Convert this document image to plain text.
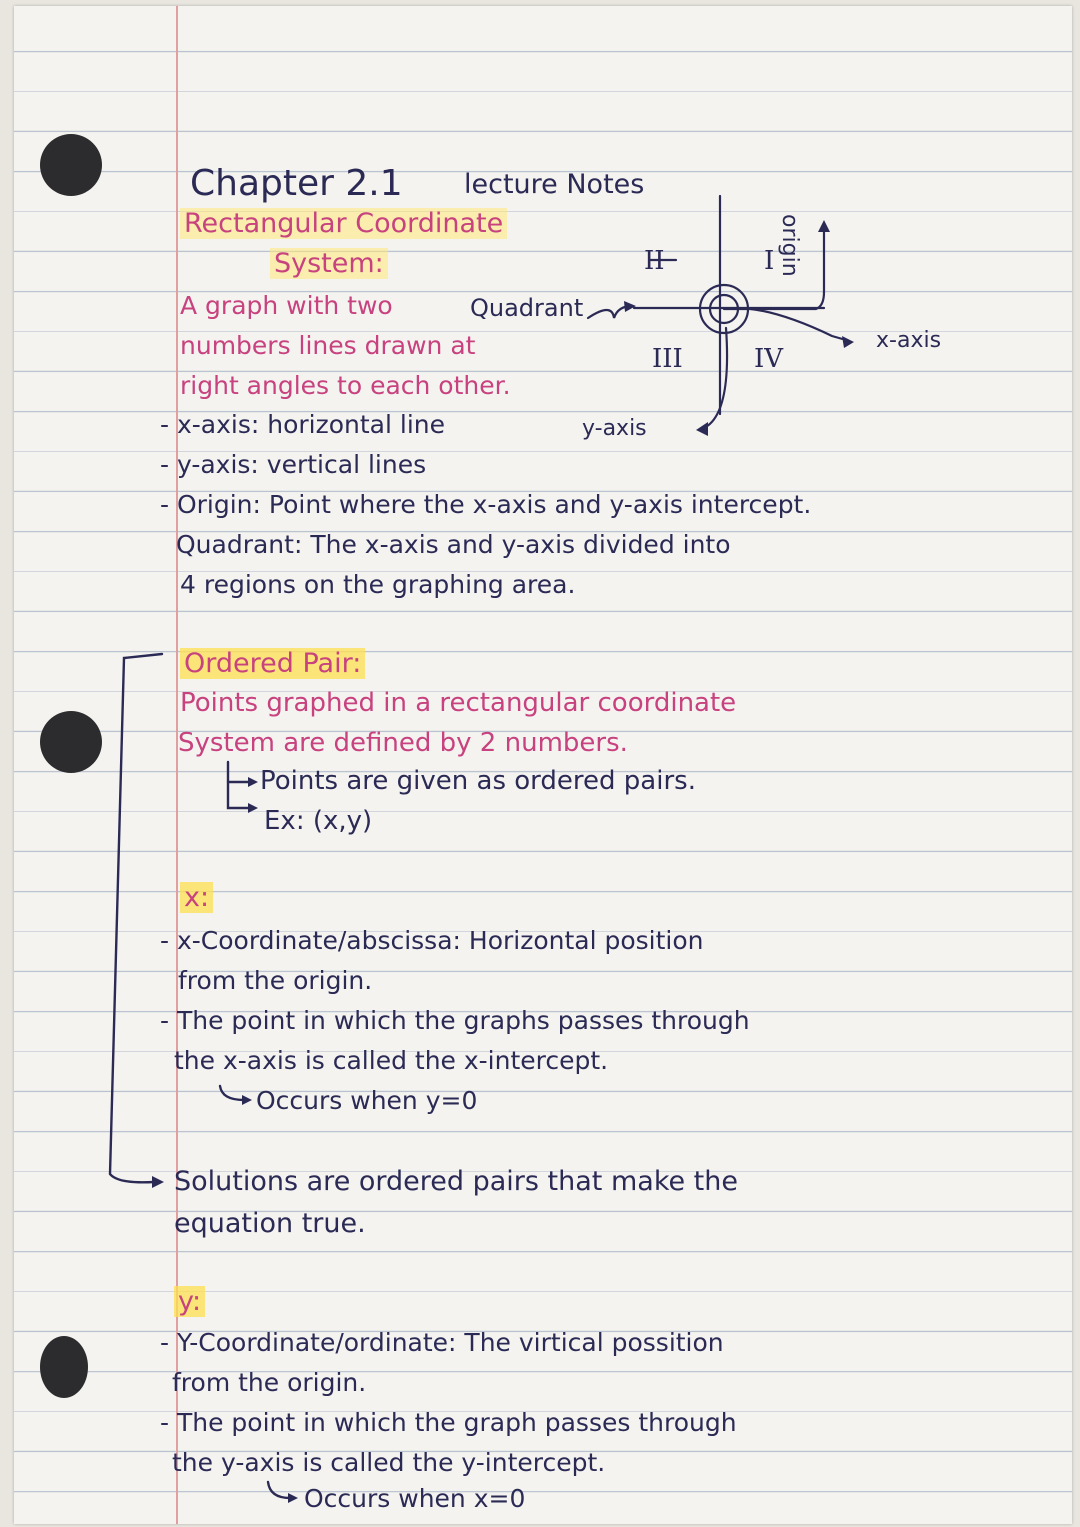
Chapter 2.1 lecture Notes
Rectangular Coordinate
System:
A graph with two
numbers lines drawn at
right angles to each other.
- x-axis: horizontal line
- y-axis: vertical lines
- Origin: Point where the x-axis and y-axis intercept.
Quadrant: The x-axis and y-axis divided into
4 regions on the graphing area.
Quadrant
II	I
III	IV
x-axis
y-axis
origin
Ordered Pair:
Points graphed in a rectangular coordinate
System are defined by 2 numbers.
Points are given as ordered pairs.
Ex: (x,y)
x:
- x-Coordinate/abscissa: Horizontal position
from the origin.
- The point in which the graphs passes through
the x-axis is called the x-intercept.
Occurs when y=0
Solutions are ordered pairs that make the
equation true.
y:
- Y-Coordinate/ordinate: The virtical possition
from the origin.
- The point in which the graph passes through
the y-axis is called the y-intercept.
Occurs when x=0
